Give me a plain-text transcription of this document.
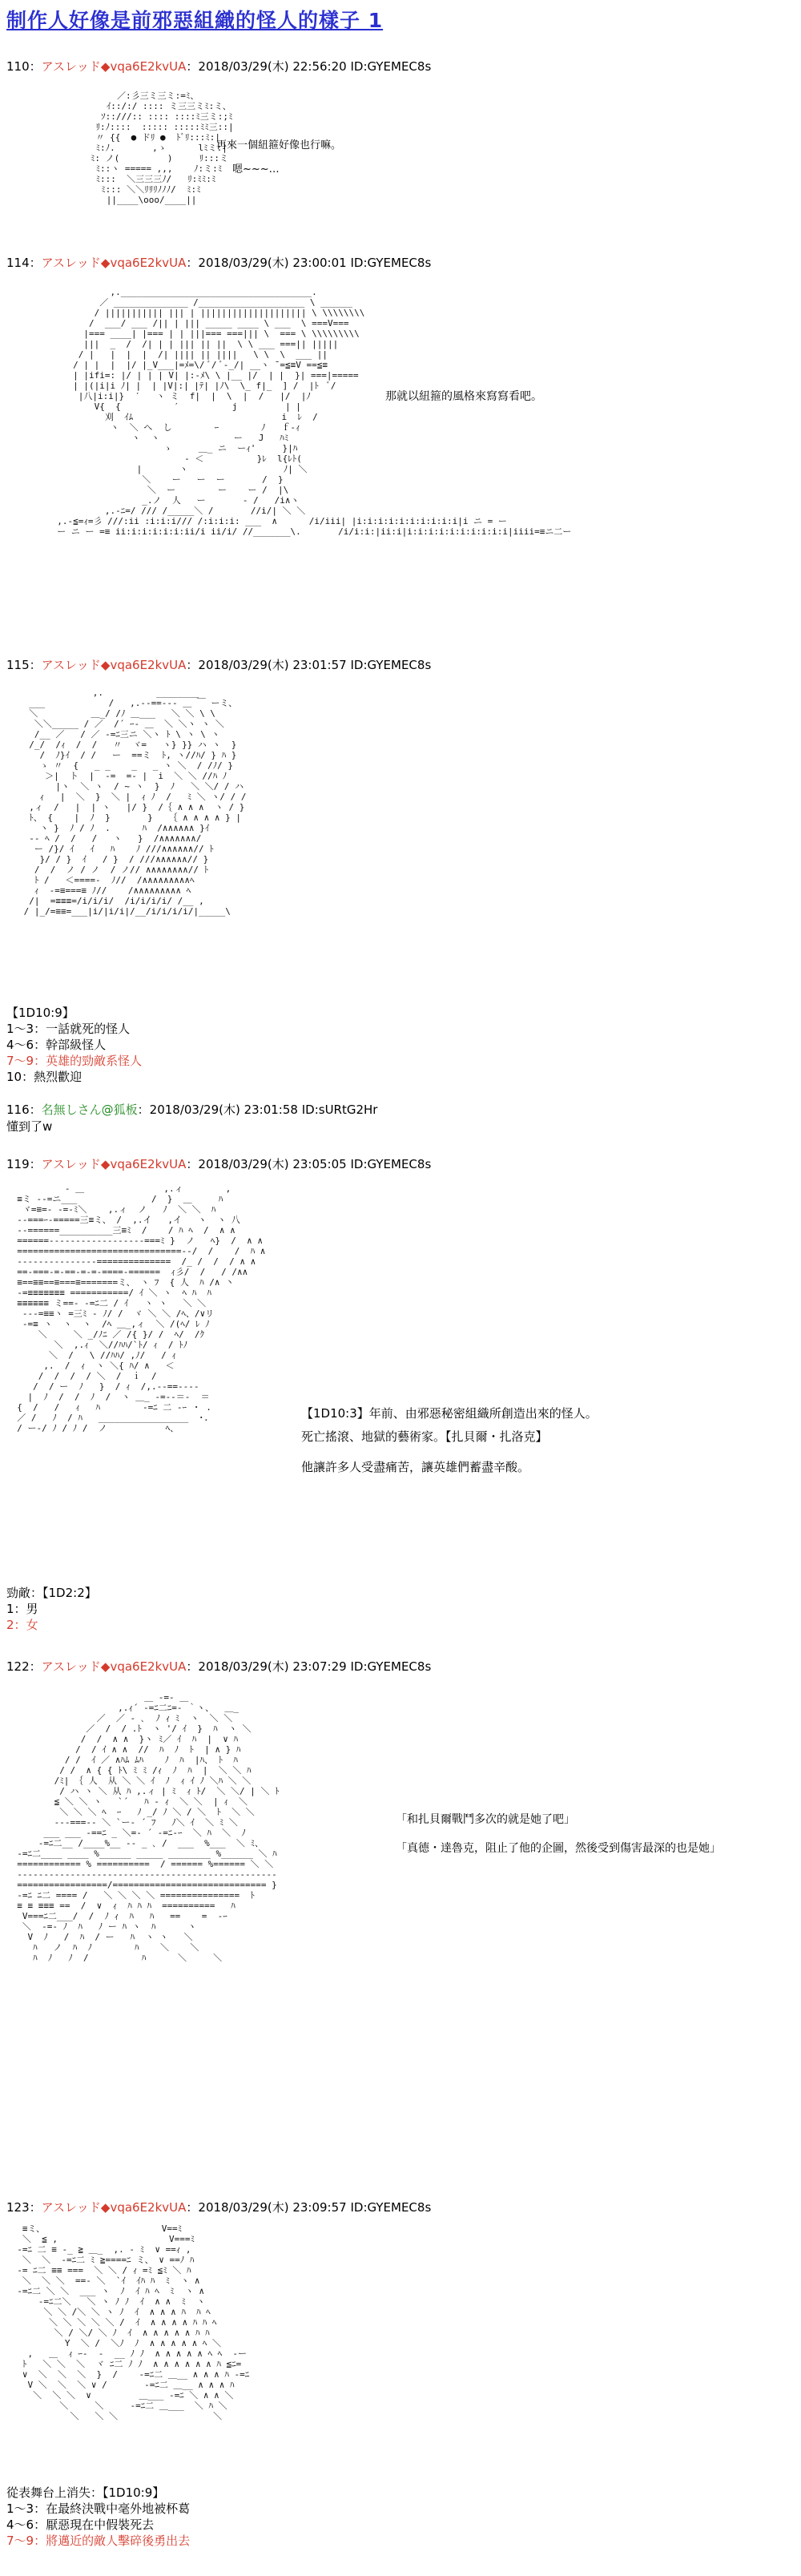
制作人好像是前邪惡組織的怪人的樣子 1
110：アスレッド◆vqa6E2kvUA：2018/03/29(木) 22:56:20 ID:GYEMEC8s
／:彡三ミ三ミ:=ﾐ、
ｲ::/:/ :::: ミ三三ミﾐ:ミ、
ｿ::///:: :::: ::::ﾐ三ミ:;ﾐ
ﾘ:ﾉ::::  ::::: :::::ﾐﾐ三::|
〃 {{  ● ドﾘ ●  ﾄﾞﾘ:::ﾐ:|
ﾐ:ﾉ.       ,ゝ      lﾐミ:|
ﾐ: ノ(         )     ﾘ:::ミ
ﾐ::ヽ ===== ,,,    ﾉ:ミ:ﾐ
ﾐ:::  ＼三三三ﾉ/   ﾘ:ﾐﾐ:ﾐ
ﾐ::: ＼＼ﾘﾘﾘﾉﾉﾉ/  ﾐ:ﾐ
||____\ooo/____||
再來一個紐箍好像也行嘛。
嗯~~~…
114：アスレッド◆vqa6E2kvUA：2018/03/29(木) 23:00:01 ID:GYEMEC8s
,.____________________________________.
／ ______________ /____________________ \ ______
/ ||||||||||| ||| | |||||||||||||||||||| \ \\\\\\\\
/  ___/ ___ /|| | ||| _____ ____ \ ___  \ ===V===
|=== ____| |=== | | |||=== ===||| \  === \ \\\\\\\\\
|||  _  /  /| | | ||| || ||  \ \ ___ ===|| |||||
/ |   |  |  |  /| |||| || ||||   \ \  \  ___ ||
/ | |  |  |/ |_V___|=ﾒ=\/ ﾞ/ ﾞ‐_/| __ヽ ̄ =≦≡V ==≦≡
| |ifi=: |/ | | | V| |:-ﾒ\ \ |__ |/  | |  }| ===|=====
| |(|i|i ﾉ| |  | |V|:| |ﾃ| |ﾉ\  \_ f|_  ] /  |ﾄ  ﾞ/
|八|i:i|}  ′   ヽ ミ  f|  |  \  |  /   |/  |ﾉ
V{  {          ′          j         | |
刈  ｲﾑ                            i  ﾚ  /
ヽ  ＼ へ  し        ｰ        ﾉ   ｆ-ｨ
ヽ  ヽ              ー   J   ﾊﾐ
ゝ     ＿_ ニ  ーｨ'     }|ﾊ
‐ ＜          }ﾚ  l{ﾚﾄ(
|       ヽ                  ﾉ| ＼
＼    ー   ー  ー       /  }
＼  ー        ー    ー /  |\
_.ノ  人   ー       ‐ /   /i∧ヽ
,.‐ﾆ=/ /// /_____＼ /       //i/| ＼ ＼
,.‐≦=ｨ=彡 ///:ii :i:i:i/// /:i:i:i: ___  ∧      /i/iii| |i:i:i:i:i:i:i:i:i:i|i ニ = ー
ー ニ ー =≡ ii:i:i:i:i:i:ii/i ii/i/ //_______\.       /i/i:i:|ii:i|i:i:i:i:i:i:i:i:i:i|iiii=≡ニ二ー
那就以紐箍的風格來寫寫看吧。
115：アスレッド◆vqa6E2kvUA：2018/03/29(木) 23:01:57 ID:GYEMEC8s
,.          ________
___            /   ,.-‐==‐‐- ＿ ￣ ーミ、
＼          ＿_/ /ﾉ ＿___   ＼ ＼ \ \
＼＼_____ / ／  /´ ｰ‐ ＿  ＼ ＼ヽ ヽ ＼
/__ ／   / ／ -=ﾆ三ニ ＼ヽ ﾄ \ ヽ \ ヽ
/_/  /ｨ  /  /   〃  ヾ=   ヽ} }} ハ ヽ  }
/  ﾉ}ｲ  / /   ー  ==ミ  ﾄ, ヽ//ﾊ/ } ﾊ }
ゝ 〃  {   _ _    _   _ ヽ ＼  / /ﾉ/ }
＞|  ト  |  ‐=  =‐ |  i  ＼ ＼ //ﾊ ﾉ
|ヽ  ＼ ヽ  / ~ ヽ  }  ﾉ   ＼ ＼/ / ハ
ｨ   |  ＼  }  ＼ |  ｨ ﾉ  /   ﾐ ＼ ヽ/ / /
,ィ  /   |  | ヽ   |/ }  /｛ ∧ ∧ ∧  ヽ / }
ﾄ、 {    |  ﾉ  }       }   ｛ ∧ ∧ ∧ ∧ } |
ヽ }  ﾉ / ﾉ  .      ﾊ  /∧∧∧∧∧∧ }ｲ
‐- ﾍ /  /   /   ヽ   }  /∧∧∧∧∧∧∧/
ー /}/ ｲ   ｲ   ﾊ    ﾉ ///∧∧∧∧∧∧// ﾄ
}/ / }  ｲ   / }  / ///∧∧∧∧∧∧// }
/  /  ノ / ノ  / ノ// ∧∧∧∧∧∧∧∧// ﾄ
ﾄ /   ＜====-  ﾉ//  /∧∧∧∧∧∧∧∧∧ﾍ
ｨ  ‐=≡===≡ ﾉ//    /∧∧∧∧∧∧∧∧∧ ﾍ
/|  =≡≡≡=/i/i/i/  /i/i/i/i/ /__ ,
/ |_/=≡≡=___|i/|i/i|/__/i/i/i/i/|_____\
【1D10:9】
1～3：一話就死的怪人
4～6：幹部級怪人
7～9：英雄的勁敵系怪人
10：熱烈歡迎
116：名無しさん@狐板：2018/03/29(木) 23:01:58 ID:sURtG2Hr
懂到了w
119：アスレッド◆vqa6E2kvUA：2018/03/29(木) 23:05:05 ID:GYEMEC8s
‐ ＿               ,.ィ        ,
≡ミ ‐-=ニ___              /  }  ＿     ﾊ
ヾ=≡=‐ ‐=‐ﾐ＼    ,.ィ  ノ   ﾉ  ＼ ＼  ﾊ
‐-===ｰ‐=====三≡ミ、 /  ,.イ   ,イ   ヽ  ヽ 八
--======__________三≡ﾐ  /    / ﾊ ﾍ  /  ∧ ∧
======-----------------‐===ﾐ }  ノ   ﾍ}  /  ∧ ∧
===============================--/  /    /  ﾊ ∧
---------------==============  /_ /  /  / ∧ ∧
==-===-=-==-=-=-====-======  ｨ彡/  /   / /∧∧
≡==≡≡==≡===≡=======ミ、 ヽ ﾌ  { 人  ﾊ /∧ 丶
‐=≡≡≡≡≡≡≡ ===========/ ｲ ＼ ヽ  ﾍ ﾊ  ﾊ
≡≡≡≡≡≡ ミ==‐ ‐=ﾆ二 / ｲ   ヽ ヽ   ＼ ＼
‐-‐=≡≡ヽ =三ﾐ ‐ ﾉ/ /  ヾ ＼ ＼ /ﾍ、/∨リ
‐=≡ ヽ  ヽ  ヽ  /ﾍ ＿_,ィ  ＼ /(ﾍ/ ﾚ ﾉ
＼     ＼ _/ﾉﾆ ／ /{ }/ /  ﾍ/  /ｸ
＼  ,.ｨ  ＼//ﾊﾊ/`ﾄ/ ｨ  / ﾄﾉ
＼  /   \ //ﾊﾊ/ ,ﾉ/   / ｨ
,.  /  ｨ  ヽ ＼{ ﾊ/ ∧   ＜
/  /  /  / ＼  /  ｉ  /
/  / ー  ﾉ   }  / ｨ  /,.‐-==‐‐--
|  ﾉ  /  /  ﾉ  /  ヽ ＿_ ‐=‐‐＝-  ＝
{  /   /   ｨ   ﾊ        ‐=ﾆ 二 ‐ｰ ・ .
／ /   ﾉ  / ﾊ   _________________  ･.
/ ー-/ ﾉ / ﾉ /  ノ           ﾍ、
【1D10:3】年前、由邪惡秘密組織所創造出來的怪人。
死亡搖滾、地獄的藝術家。【扎貝爾・扎洛克】
他讓許多人受盡痛苦，讓英雄們蓄盡辛酸。
勁敵：【1D2:2】
1：男
2：女
122：アスレッド◆vqa6E2kvUA：2018/03/29(木) 23:07:29 ID:GYEMEC8s
＿ ‐=‐ ＿
,.ｨ´ ‐=ﾆ二ﾆ=‐ ｀ヽ、  ＿_
／  ／ ‐ ､  ﾉ ｨ ﾐ  ヽ  ＼ ＼
／  /  / .ﾄ  ヽ '/ ｲ  }  ﾊ  ヽ ＼
/  /  ∧ ∧  }ヽ ﾐ／ ｲ  ﾊ  |  ∨ ﾊ
/  / ｲ ∧ ∧  //  ﾊ  ﾉ  ﾄ  | ∧ } ﾊ
/ /  ｲ ／ ∧ﾊﾑ ﾑﾊ    ﾉ  ﾊ  |ﾊ、 ﾄ  ﾊ
/ /  ∧ { { ﾄ\ ﾐ ﾐ /ｨ  ﾉ  ﾊ  |  ＼ ＼ ﾊ
/ﾐ| ｛ 人  从 ＼ ＼ ｲ  ﾉ  ｨ ｲ ﾉ ＼ﾊ ＼ ＼
/ ハ ヽ ＼ 从 ﾊ ,.ィ | ﾐ  ｨ ﾄ/  ＼ ＼/ | ＼ ﾄ
≦ ＼ ＼ ヽ   `´   ﾊ ‐ ｨ  ＼ ＼  | ｨ  ＼
＼ ＼ ＼ ﾍ  ｰ   ﾉ _/ ﾉ ＼ / ＼  ﾄ  ＼ ＼
-‐‐===-- ＼ `ー‐ ´ ﾌ   ﾉ＼ ｲ  ＼ ﾐ ＼
___ ___ ‐==ﾆ _ ＼=‐ ´ ‐=ﾆ‐ｰ  ＼ ﾊ  ＼  ﾉ
‐=ﾆ二__ /____%__ ‐‐ _ ､ /  ___  %___  ＼ ﾐ、
‐=ﾆ二____ ____ %______ _____ ________ %______ ＼ ﾊ
============ % ==========  / ====== %====== ＼ ＼
‐‐‐‐‐‐‐‐‐‐‐‐‐‐‐‐‐‐‐‐‐‐‐‐‐‐‐‐‐‐‐‐‐‐‐‐‐‐‐‐‐‐‐‐‐‐‐‐‐
=================/============================= }
‐=ﾆ ﾆ二 ==== /   ＼ ＼ ＼ ＼ ===============  ﾄ
≡ ≡ ≡≡≡ ==  /  ∨  ｨ  ﾊ ﾊ ﾊ  ==========   ﾊ
V===ﾆ二___/  /  ﾉ ｨ  ﾊ   ﾊ   ==    =  ‐ｰ
＼  ‐=‐ ﾉ  ﾊ   ﾉ ー ﾊ ヽ  ﾊ      ヽ
V  ﾉ   /  ﾊ  / ー   ﾊ  ヽ ヽ   ＼
ﾊ   ノ  ﾊ  ﾉ        ﾊ    ＼    ＼
ﾊ  ﾉ   ﾉ  /          ﾊ      ＼     ＼
「和扎貝爾戰鬥多次的就是她了吧」
「真德・達魯克，阻止了他的企圖，然後受到傷害最深的也是她」
123：アスレッド◆vqa6E2kvUA：2018/03/29(木) 23:09:57 ID:GYEMEC8s
≡ミ、                      V==ﾐ
＼  ≦ ,                     V===ﾐ
‐=ﾆ 二 ≡ ‐_ ≧ ＿_  ,. ‐ ﾐ  ∨ ==ｨ ,
＼  ＼  ‐=ﾆ二 ﾐ ≧====ﾆ ミ、 ∨ ==ﾉ ﾊ
‐= ﾆ二 ≡≡ ===  ＼ ＼ / ｨ =ﾐ ≦ﾐ ＼ ﾊ
＼  ＼ ＼  ==‐ ＼  `ｲ  ｲﾊ ﾊ  ﾐ  ヽ ∧
‐=ﾆ二 ＼ ＼  ___ ヽ  ﾉ  ｲ ﾊ ﾍ  ﾐ  ヽ ∧
‐=ﾆ二＼   ＼ ヽ ﾉ ﾉ  ｲ  ∧ ∧  ﾐ  ヽ
＼ ＼ /＼ ＼ ヽ ﾉ  ｲ  ∧ ∧ ∧ ﾊ  ﾊ ﾍ
＼ ＼ ＼ ＼ ＼ /  ｲ  ∧ ∧ ∧ ∧ ﾊ ﾊ ﾍ
＼ / ＼/ ＼ ﾉ  ｲ  ∧ ∧ ∧ ∧ ∧ ﾊ ﾊ
Y  ＼ /  ＼ﾉ  ﾉ  ∧ ∧ ∧ ∧ ∧ ﾍ ＼
,   ＿  ｨ ｰ‐  ‐  __ ﾉ ﾉ  ∧ ∧ ∧ ∧ ∧ ﾍ ﾍ  ‐ー
ﾄ   ＼ ＼  ＼  ヾ ﾆ二 ﾉ ﾉ  ∧ ∧ ∧ ∧ ∧ ∧ ﾊ ≦ﾆ=
∨  ＼  ＼  ＼  }  /    ‐=ﾆ二 ＿__ ∧ ∧ ∧ ﾊ ‐=ﾆ
V ＼  ＼  ＼ ∨ /       ‐=ﾆ二 ＿__ ∧ ∧ ∧ ﾊ
＼  ＼ ＼  ∨         ＿___ ‐=ﾆ ＼ ∧ ∧ ＼
＼     ＼     ‐=ﾆ二 ＿___  ＼ ﾊ ＼
＼   ＼ ＼                  ＼
從表舞台上消失：【1D10:9】
1～3：在最終決戰中毫外地被杯葛
4～6：厭惡現在中假裝死去
7～9：將邁近的敵人擊碎後勇出去
